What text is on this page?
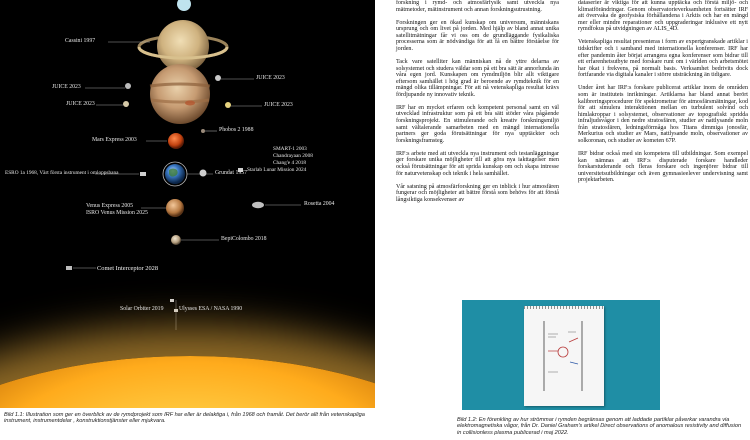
Cassini 1997
JUICE 2023
JUICE 2023
JUICE 2023
JUICE 2023
Phobos 2 1988
Mars Express 2003
SMART-1 2003
Chandrayaan 2008
Chang'e 4 2018
Starlab Lunar Mission 2024
ESRO 1a 1968, Värt första instrument i omloppsbana	Grundat 1957
Rosetta 2004
Venus Express 2005
ISRO Venus Mission 2025
BepiColombo 2018
Comet Interceptor 2028
Solar Orbiter 2019	Ulysses ESA / NASA 1990
Bild 1.1: Illustration som ger en överblick av de rymdprojekt som IRF har eller är delaktiga i, från 1968 och framåt. Det berör allt från vetenskapliga instrument, instrumentdelar , konstruktionstjänster eller mjukvara.

forskning i rymd- och atmosfärfysik samt utveckla nya mätmetoder, mätinstrument och annan forskningsutrustning.

Forskningen ger en ökad kunskap om universum, människans ursprung och om livet på jorden. Med hjälp av bland annat unika satellitmätningar får vi oss om de grundläggande fysikaliska processerna som är nödvändiga för att få en bättre förståelse för jorden.

Tack vare satelliter kan människan nå de yttre delarna av solsystemet och studera väldar som på ett bra sätt är annorlunda än våra egen jord. Kunskapen om rymdmiljön blir allt viktigare eftersom samhället i hög grad är beroende av rymdteknik för en mängd olika tillämpningar. För att nå vetenskapliga resultat krävs fördjupande ny innovativ teknik.

IRF har en mycket erfaren och kompetent personal samt en väl utvecklad infrastruktur som på ett bra sätt stöder våra pågående forskningsprojekt. En stimulerande och kreativ forskningsmiljö samt vältalerande samarbeten med en mängd internationella partners ger goda förutsättningar för nya upptäckter och forskningsframsteg.

IRF:s arbete med att utveckla nya instrument och testanläggningar ger forskare unika möjligheter till att göra nya iakttagelser men också förutsättningar för att sprida kunskap om och skapa intresse för naturvetenskap och teknik i hela samhället.

Vår satsning på atmosfärforskning ger en inblick i hur atmosfären fungerar och möjligheter att bättre förstå som behövs för att förstå långsiktiga konsekvenser av

dataserier är viktiga för att kunna upptäcka och förstå miljö- och klimatförändringar. Genom observatorieverksamheten fortsätter IRF att övervaka de geofysiska förhållandena i Arktis och har en mängd mer eller mindre reparationer och uppgraderingar inklusive ett nytt rymdfokus på utvidgningen av ALIS_4D.

Vetenskapliga resultat presenteras i form av expertgranskade artiklar i tidskrifter och i samband med internationella konferenser. IRF har efter pandemin åter börjat arrangera egna konferenser som bidrar till ett erfarenhetsutbyte med forskare runt om i världen och arbetsmötet har ökat i frekvens, på normalt basis. Verksamhet bedrivits dock fortfarande via digitala kanaler i större utsträckning än tidigare.

Under året har IRF:s forskare publicerat artiklar inom de områden som är institutets inriktningar. Artiklarna har bland annat berört kalibreringsprocedurer för spektrometrar för atmosfärsmätningar, kod för att simulera interaktionen mellan en turbulent solvind och himlakroppar i solsystemet, observationer av topografiskt spridda infraljudsvågor i den nedre stratosfären, studier av nattlysande moln från stratosfären, ledningsförmåga hos Titans dimmiga jonosfär, Merkurius och studier av Mars, nattlysande moln, observationer av solkoronan, och studier av kometen 67P.

IRF bidrar också med sin kompetens till utbildningar. Som exempel kan nämnas att IRF:s disputerade forskare handleder forskarstuderande och fleras forskare och ingenjörer bidrar till universitetsutbildningar och även gymnasieelever undervisning samt projektarbeten.

Bild 1.2: En förenkling av hur strömmar i rymden begränsas genom att laddade partiklar påverkar varandra via elektromagnetiska vågor, från Dr. Daniel Graham's artikel Direct observations of anomalous resistivity and diffusion in collisionless plasma publicerad i maj 2022.
